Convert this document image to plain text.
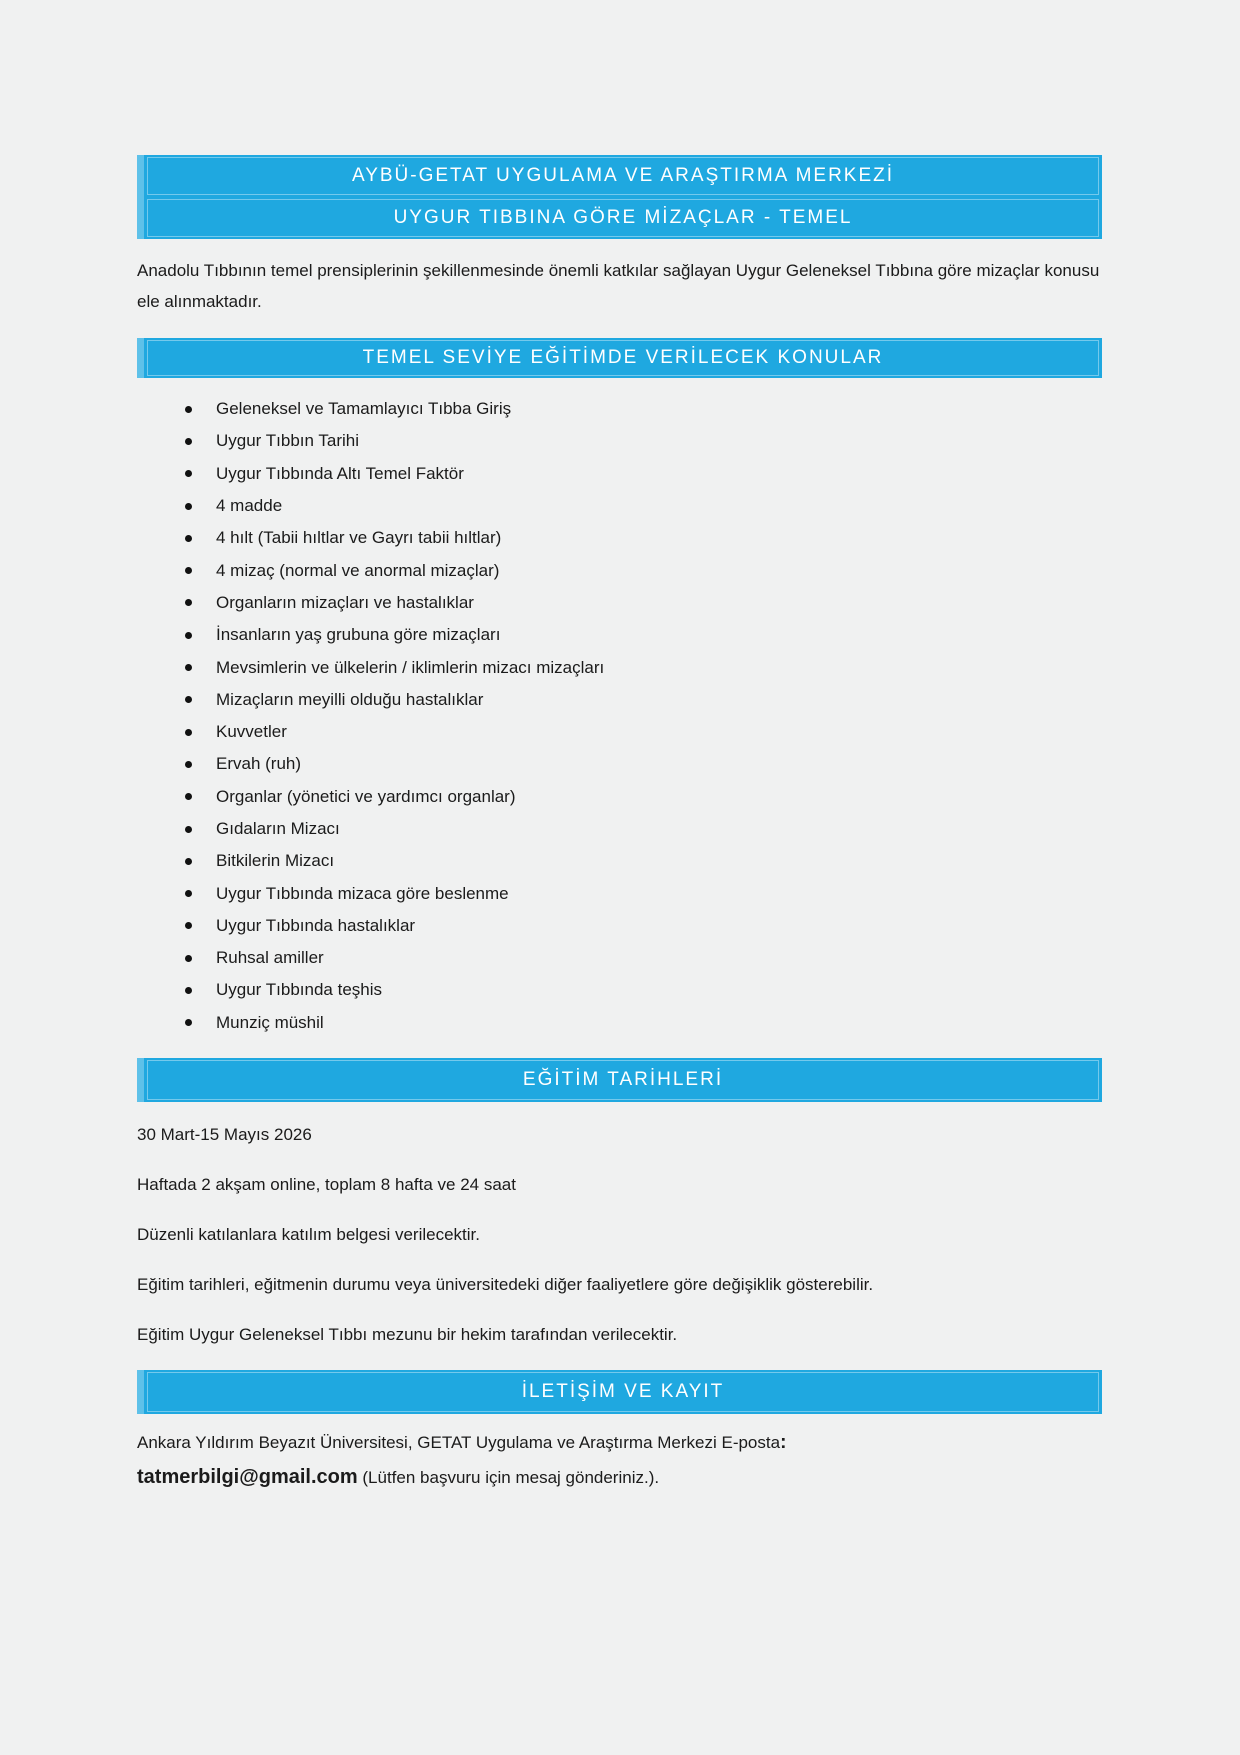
AYBÜ-GETAT UYGULAMA VE ARAŞTIRMA MERKEZİ
UYGUR TIBBINA GÖRE MİZAÇLAR - TEMEL
Anadolu Tıbbının temel prensiplerinin şekillenmesinde önemli katkılar sağlayan Uygur Geleneksel Tıbbına göre mizaçlar konusu ele alınmaktadır.
TEMEL SEVİYE EĞİTİMDE VERİLECEK KONULAR
Geleneksel ve Tamamlayıcı Tıbba Giriş
Uygur Tıbbın Tarihi
Uygur Tıbbında Altı Temel Faktör
4 madde
4 hılt (Tabii hıltlar ve Gayrı tabii hıltlar)
4 mizaç (normal ve anormal mizaçlar)
Organların mizaçları ve hastalıklar
İnsanların yaş grubuna göre mizaçları
Mevsimlerin ve ülkelerin / iklimlerin mizacı mizaçları
Mizaçların meyilli olduğu hastalıklar
Kuvvetler
Ervah (ruh)
Organlar (yönetici ve yardımcı organlar)
Gıdaların Mizacı
Bitkilerin Mizacı
Uygur Tıbbında mizaca göre beslenme
Uygur Tıbbında hastalıklar
Ruhsal amiller
Uygur Tıbbında teşhis
Munziç müshil
EĞİTİM TARİHLERİ

30 Mart-15 Mayıs 2026

Haftada 2 akşam online, toplam 8 hafta ve 24 saat

Düzenli katılanlara katılım belgesi verilecektir.

Eğitim tarihleri, eğitmenin durumu veya üniversitedeki diğer faaliyetlere göre değişiklik gösterebilir.

Eğitim Uygur Geleneksel Tıbbı mezunu bir hekim tarafından verilecektir.

İLETİŞİM VE KAYIT
Ankara Yıldırım Beyazıt Üniversitesi, GETAT Uygulama ve Araştırma Merkezi E-posta:
tatmerbilgi@gmail.com (Lütfen başvuru için mesaj gönderiniz.).
